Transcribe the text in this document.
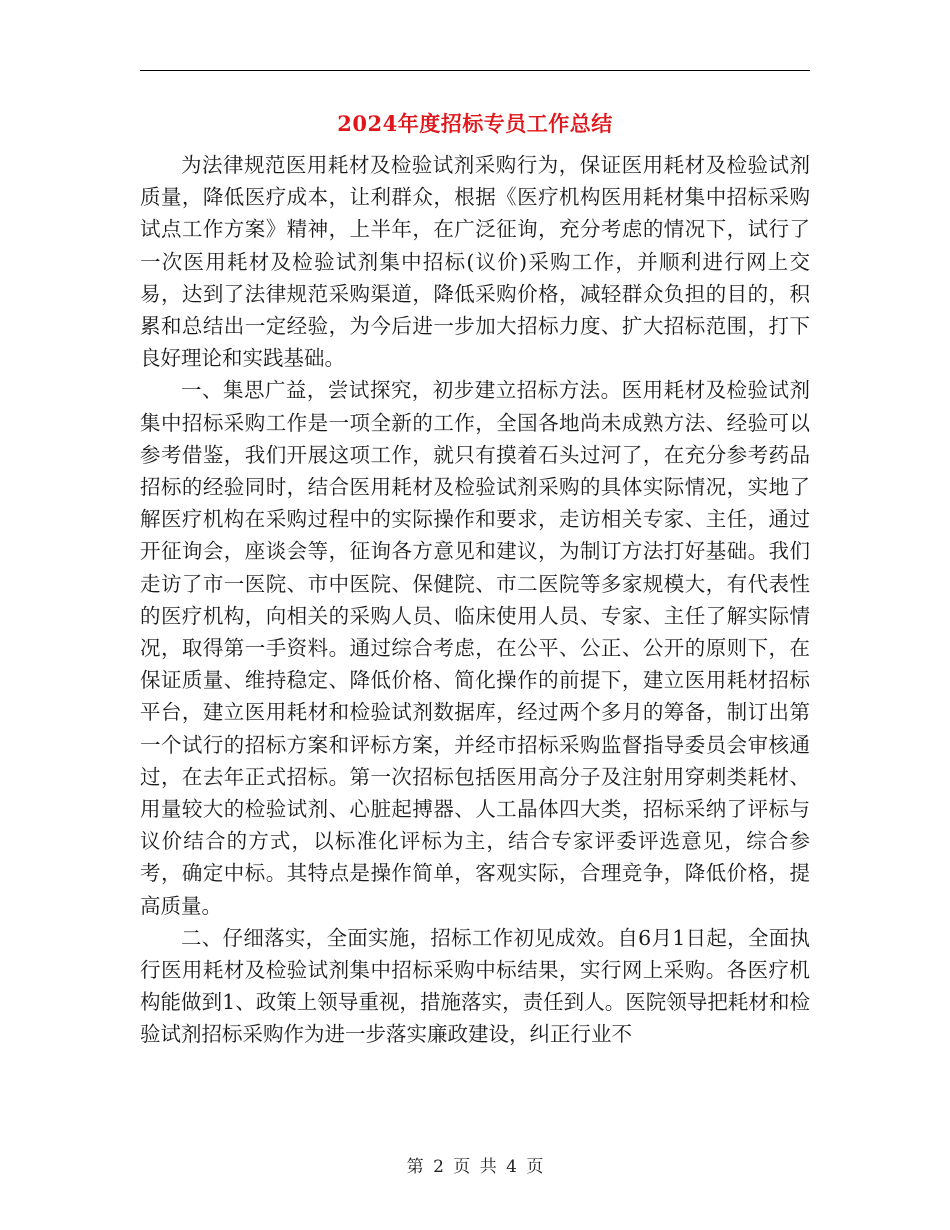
2024年度招标专员工作总结

为法律规范医用耗材及检验试剂采购行为，保证医用耗材及检验试剂质量，降低医疗成本，让利群众，根据《医疗机构医用耗材集中招标采购试点工作方案》精神，上半年，在广泛征询，充分考虑的情况下，试行了一次医用耗材及检验试剂集中招标(议价)采购工作，并顺利进行网上交易，达到了法律规范采购渠道，降低采购价格，减轻群众负担的目的，积累和总结出一定经验，为今后进一步加大招标力度、扩大招标范围，打下良好理论和实践基础。

一、集思广益，尝试探究，初步建立招标方法。医用耗材及检验试剂集中招标采购工作是一项全新的工作，全国各地尚未成熟方法、经验可以参考借鉴，我们开展这项工作，就只有摸着石头过河了，在充分参考药品招标的经验同时，结合医用耗材及检验试剂采购的具体实际情况，实地了解医疗机构在采购过程中的实际操作和要求，走访相关专家、主任，通过开征询会，座谈会等，征询各方意见和建议，为制订方法打好基础。我们走访了市一医院、市中医院、保健院、市二医院等多家规模大，有代表性的医疗机构，向相关的采购人员、临床使用人员、专家、主任了解实际情况，取得第一手资料。通过综合考虑，在公平、公正、公开的原则下，在保证质量、维持稳定、降低价格、简化操作的前提下，建立医用耗材招标平台，建立医用耗材和检验试剂数据库，经过两个多月的筹备，制订出第一个试行的招标方案和评标方案，并经市招标采购监督指导委员会审核通过，在去年正式招标。第一次招标包括医用高分子及注射用穿刺类耗材、用量较大的检验试剂、心脏起搏器、人工晶体四大类，招标采纳了评标与议价结合的方式，以标准化评标为主，结合专家评委评选意见，综合参考，确定中标。其特点是操作简单，客观实际，合理竞争，降低价格，提高质量。

二、仔细落实，全面实施，招标工作初见成效。自6月1日起，全面执行医用耗材及检验试剂集中招标采购中标结果，实行网上采购。各医疗机构能做到1、政策上领导重视，措施落实，责任到人。医院领导把耗材和检验试剂招标采购作为进一步落实廉政建设，纠正行业不

第 2 页 共 4 页
